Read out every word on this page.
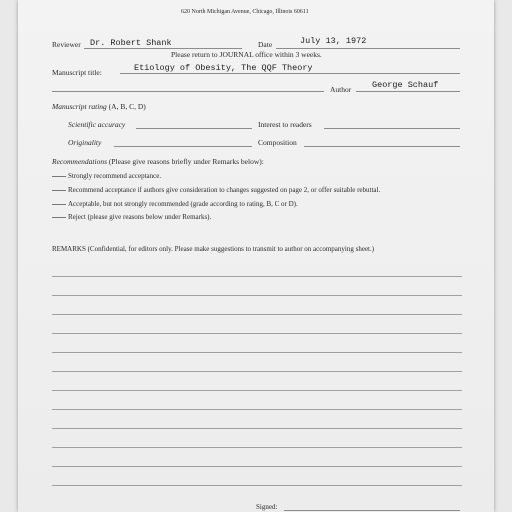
620 North Michigan Avenue, Chicago, Illinois 60611
Reviewer Dr. Robert Shank	Date	July 13, 1972
Please return to JOURNAL office within 3 weeks.
Manuscript title:	Etiology of Obesity, The QQF Theory
Author George Schauf
Manuscript rating (A, B, C, D)
Scientific accuracy	Interest to readers
Originality	Composition
Recommendations (Please give reasons briefly under Remarks below):
Strongly recommend acceptance.
Recommend acceptance if authors give consideration to changes suggested on page 2, or offer suitable rebuttal.
Acceptable, but not strongly recommended (grade according to rating, B, C or D).
Reject (please give reasons below under Remarks).
REMARKS (Confidential, for editors only. Please make suggestions to transmit to author on accompanying sheet.)
Signed:
